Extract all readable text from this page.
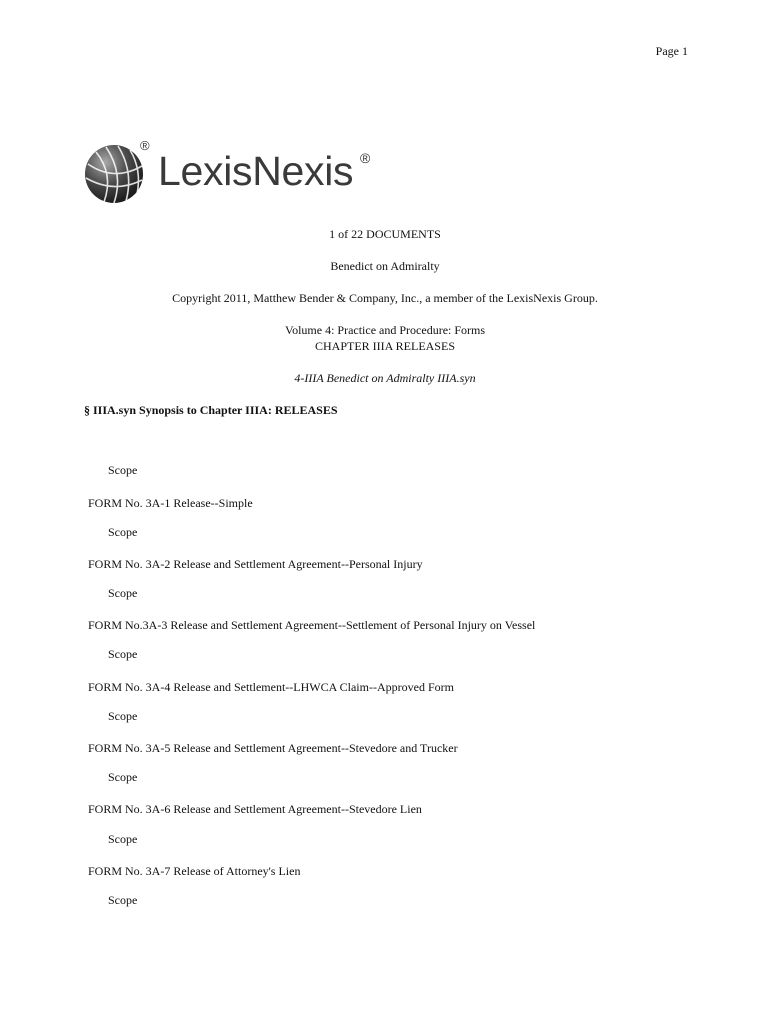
Page 1
®
LexisNexis ®
1 of 22 DOCUMENTS
Benedict on Admiralty
Copyright 2011, Matthew Bender & Company, Inc., a member of the LexisNexis Group.
Volume 4: Practice and Procedure: Forms
CHAPTER IIIA RELEASES
4-IIIA Benedict on Admiralty IIIA.syn
§ IIIA.syn Synopsis to Chapter IIIA: RELEASES
Scope
FORM No. 3A-1 Release--Simple
Scope
FORM No. 3A-2 Release and Settlement Agreement--Personal Injury
Scope
FORM No.3A-3 Release and Settlement Agreement--Settlement of Personal Injury on Vessel
Scope
FORM No. 3A-4 Release and Settlement--LHWCA Claim--Approved Form
Scope
FORM No. 3A-5 Release and Settlement Agreement--Stevedore and Trucker
Scope
FORM No. 3A-6 Release and Settlement Agreement--Stevedore Lien
Scope
FORM No. 3A-7 Release of Attorney's Lien
Scope
